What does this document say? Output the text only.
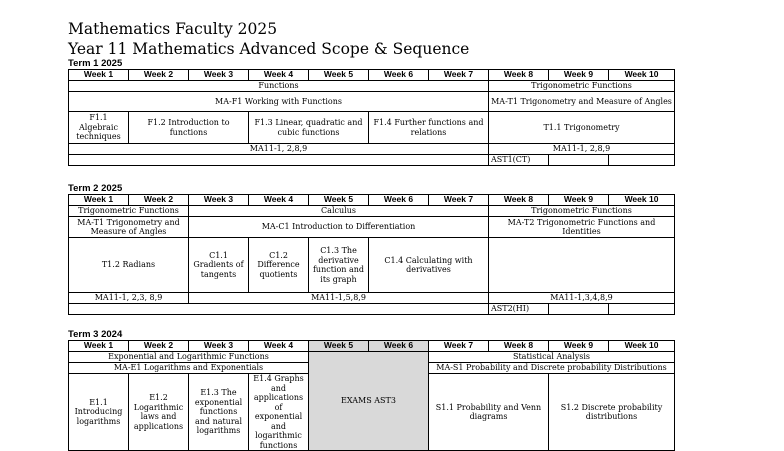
Mathematics Faculty 2025
Year 11 Mathematics Advanced Scope & Sequence
Term 1 2025
Week 1	Week 2	Week 3	Week 4	Week 5	Week 6	Week 7	Week 8	Week 9	Week 10
Functions							Trigonometric Functions		
MA-F1 Working with Functions							MA-T1 Trigonometry and Measure of Angles		
F1.1 Algebraic techniques	F1.2 Introduction to functions		F1.3 Linear, quadratic and cubic functions		F1.4 Further functions and relations		T1.1 Trigonometry		
MA11-1, 2,8,9							MA11-1, 2,8,9		
							AST1(CT)		
Term 2 2025
Week 1	Week 2	Week 3	Week 4	Week 5	Week 6	Week 7	Week 8	Week 9	Week 10
Trigonometric Functions		Calculus					Trigonometric Functions		
MA-T1 Trigonometry and Measure of Angles		MA-C1 Introduction to Differentiation					MA-T2 Trigonometric Functions and Identities		
T1.2 Radians		C1.1 Gradients of tangents	C1.2 Difference quotients	C1.3 The derivative function and its graph	C1.4 Calculating with derivatives				
MA11-1, 2,3, 8,9		MA11-1,5,8,9					MA11-1,3,4,8,9		
							AST2(HI)		
Term 3 2024
Week 1	Week 2	Week 3	Week 4	Week 5	Week 6	Week 7	Week 8	Week 9	Week 10
Exponential and Logarithmic Functions				EXAMS AST3		Statistical Analysis			
MA-E1 Logarithms and Exponentials						MA-S1 Probability and Discrete probability Distributions			
E1.1 Introducing logarithms	E1.2 Logarithmic laws and applications	E1.3 The exponential functions and natural logarithms	E1.4 Graphs and applications of exponential and logarithmic functions			S1.1 Probability and Venn diagrams		S1.2 Discrete probability distributions	
